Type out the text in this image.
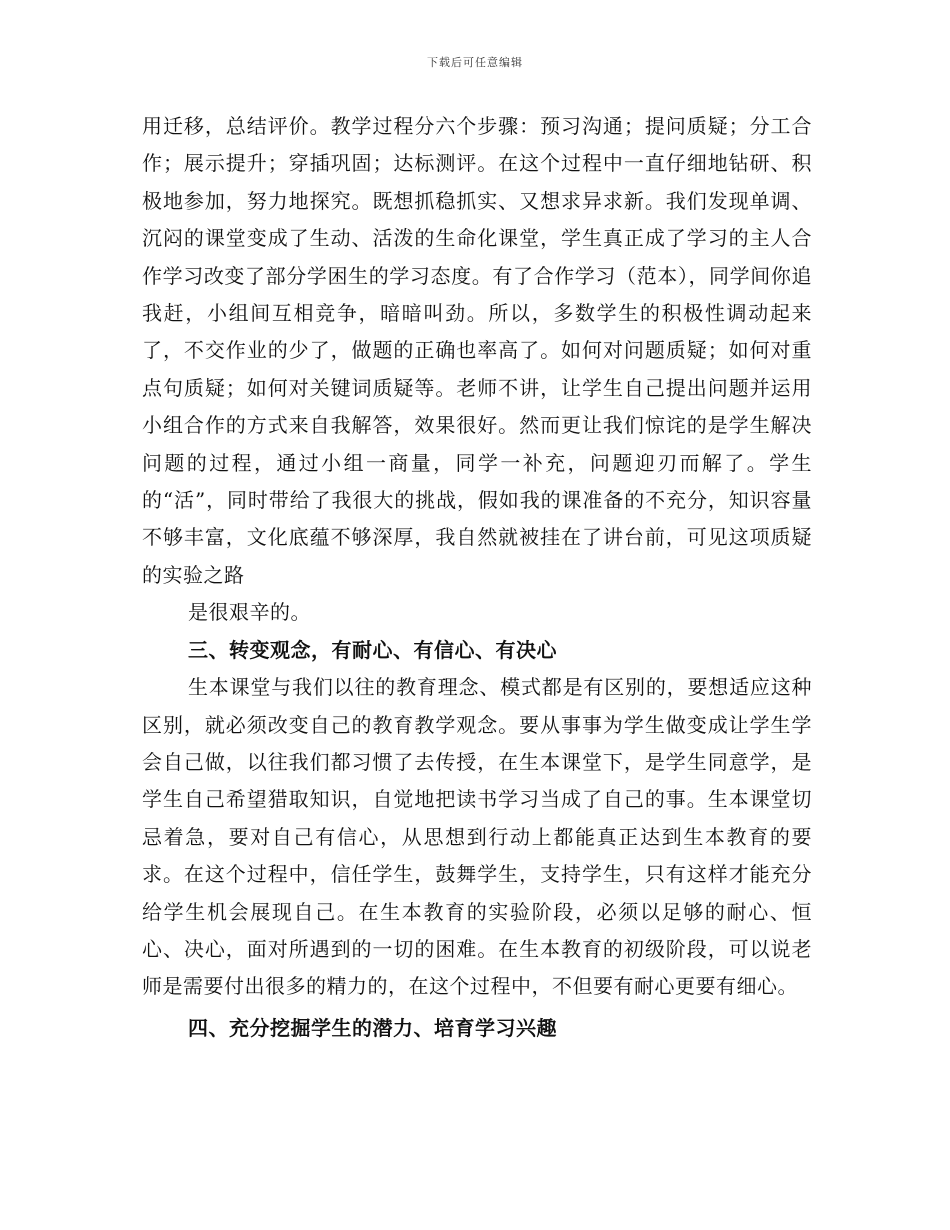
下载后可任意编辑

用迁移，总结评价。教学过程分六个步骤：预习沟通；提问质疑；分工合作；展示提升；穿插巩固；达标测评。在这个过程中一直仔细地钻研、积极地参加，努力地探究。既想抓稳抓实、又想求异求新。我们发现单调、沉闷的课堂变成了生动、活泼的生命化课堂，学生真正成了学习的主人合作学习改变了部分学困生的学习态度。有了合作学习（范本），同学间你追我赶，小组间互相竞争，暗暗叫劲。所以，多数学生的积极性调动起来了，不交作业的少了，做题的正确也率高了。如何对问题质疑；如何对重点句质疑；如何对关键词质疑等。老师不讲，让学生自己提出问题并运用小组合作的方式来自我解答，效果很好。然而更让我们惊诧的是学生解决问题的过程，通过小组一商量，同学一补充，问题迎刃而解了。学生的“活”，同时带给了我很大的挑战，假如我的课准备的不充分，知识容量不够丰富，文化底蕴不够深厚，我自然就被挂在了讲台前，可见这项质疑的实验之路

是很艰辛的。

三、转变观念，有耐心、有信心、有决心

生本课堂与我们以往的教育理念、模式都是有区别的，要想适应这种区别，就必须改变自己的教育教学观念。要从事事为学生做变成让学生学会自己做，以往我们都习惯了去传授，在生本课堂下，是学生同意学，是学生自己希望猎取知识，自觉地把读书学习当成了自己的事。生本课堂切忌着急，要对自己有信心，从思想到行动上都能真正达到生本教育的要求。在这个过程中，信任学生，鼓舞学生，支持学生，只有这样才能充分给学生机会展现自己。在生本教育的实验阶段，必须以足够的耐心、恒心、决心，面对所遇到的一切的困难。在生本教育的初级阶段，可以说老师是需要付出很多的精力的，在这个过程中，不但要有耐心更要有细心。

四、充分挖掘学生的潜力、培育学习兴趣
